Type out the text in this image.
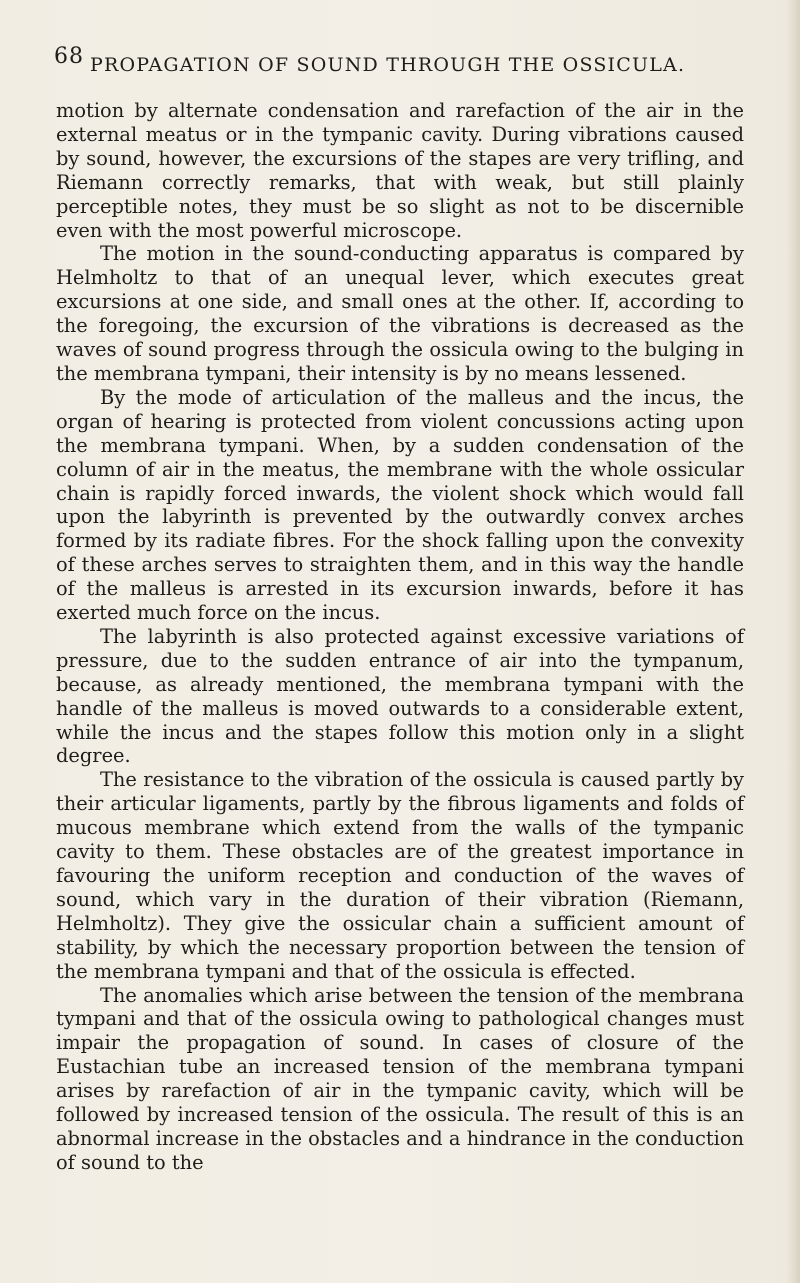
68 PROPAGATION OF SOUND THROUGH THE OSSICULA.

motion by alternate condensation and rarefaction of the air in the external meatus or in the tympanic cavity. During vibrations caused by sound, however, the excursions of the stapes are very trifling, and Riemann correctly remarks, that with weak, but still plainly perceptible notes, they must be so slight as not to be discernible even with the most powerful microscope.

The motion in the sound-conducting apparatus is compared by Helmholtz to that of an unequal lever, which executes great excursions at one side, and small ones at the other. If, according to the foregoing, the excursion of the vibrations is decreased as the waves of sound progress through the ossicula owing to the bulging in the membrana tympani, their intensity is by no means lessened.

By the mode of articulation of the malleus and the incus, the organ of hearing is protected from violent concussions acting upon the membrana tympani. When, by a sudden condensation of the column of air in the meatus, the membrane with the whole ossicular chain is rapidly forced inwards, the violent shock which would fall upon the labyrinth is prevented by the outwardly convex arches formed by its radiate fibres. For the shock falling upon the convexity of these arches serves to straighten them, and in this way the handle of the malleus is arrested in its excursion inwards, before it has exerted much force on the incus.

The labyrinth is also protected against excessive variations of pressure, due to the sudden entrance of air into the tympanum, because, as already mentioned, the membrana tympani with the handle of the malleus is moved outwards to a considerable extent, while the incus and the stapes follow this motion only in a slight degree.

The resistance to the vibration of the ossicula is caused partly by their articular ligaments, partly by the fibrous ligaments and folds of mucous membrane which extend from the walls of the tympanic cavity to them. These obstacles are of the greatest importance in favouring the uniform reception and conduction of the waves of sound, which vary in the duration of their vibration (Riemann, Helmholtz). They give the ossicular chain a sufficient amount of stability, by which the necessary proportion between the tension of the membrana tympani and that of the ossicula is effected.

The anomalies which arise between the tension of the membrana tympani and that of the ossicula owing to pathological changes must impair the propagation of sound. In cases of closure of the Eustachian tube an increased tension of the membrana tympani arises by rarefaction of air in the tympanic cavity, which will be followed by increased tension of the ossicula. The result of this is an abnormal increase in the obstacles and a hindrance in the conduction of sound to the
